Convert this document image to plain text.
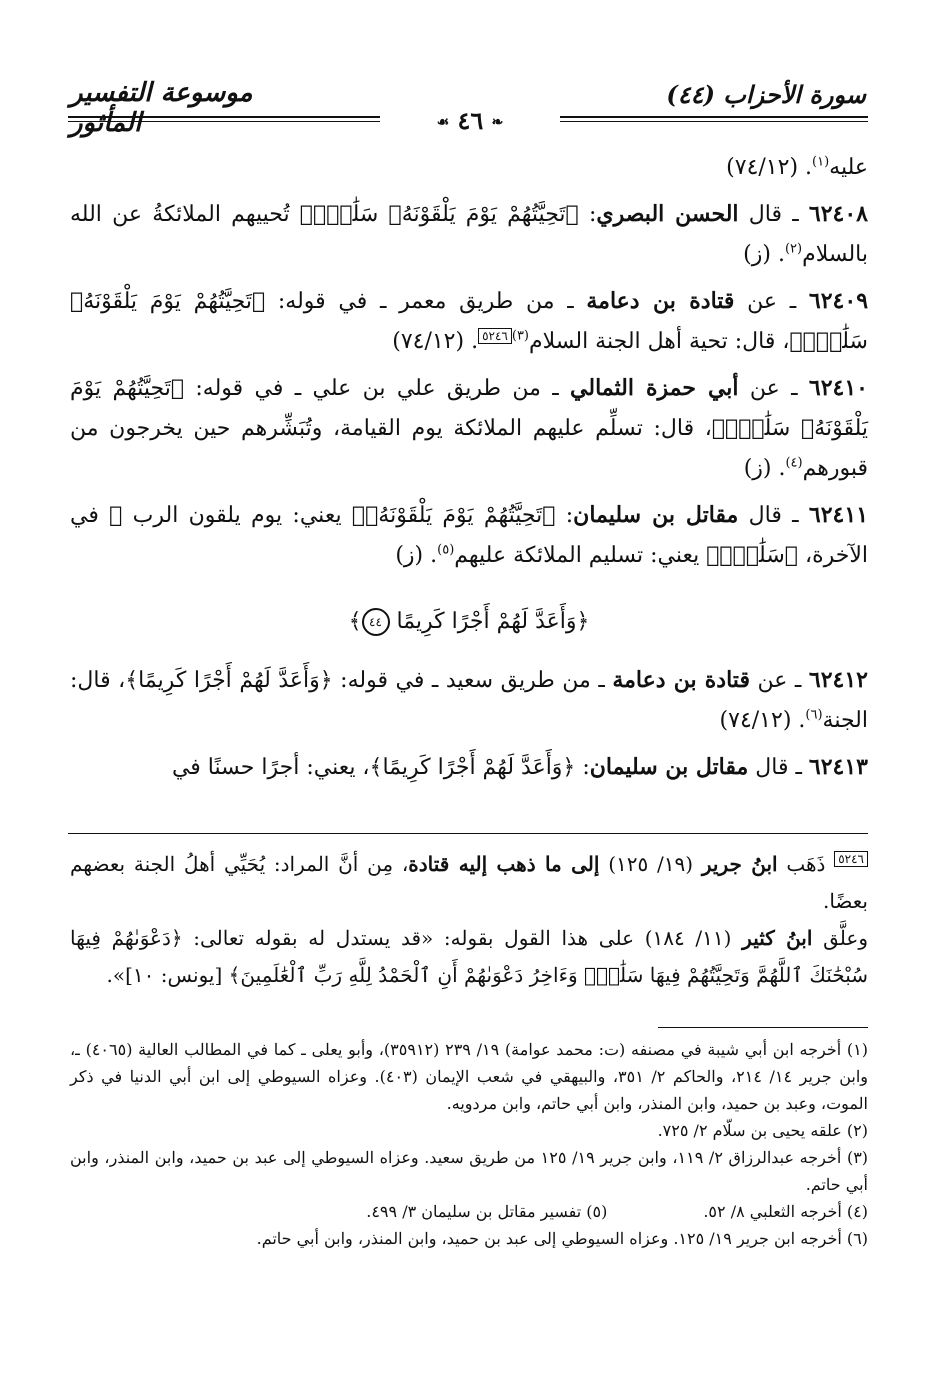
سورة الأحزاب (٤٤)
موسوعة التفسير المأثور	❧ ٤٦ ☙

عليه$^{(١)}$. (٧٤/١٢)

٦٢٤٠٨ ـ قال الحسن البصري: ﴿تَحِيَّتُهُمْ يَوْمَ يَلْقَوْنَهُۥ سَلَٰمٌۚ﴾ تُحييهم الملائكةُ عن الله بالسلام$^{(٢)}$. (ز)

٦٢٤٠٩ ـ عن قتادة بن دعامة ـ من طريق معمر ـ في قوله: ﴿تَحِيَّتُهُمْ يَوْمَ يَلْقَوْنَهُۥ سَلَٰمٌۚ﴾، قال: تحية أهل الجنة السلام$^{(٣)٥٢٤٦}$. (٧٤/١٢)

٦٢٤١٠ ـ عن أبي حمزة الثمالي ـ من طريق علي بن علي ـ في قوله: ﴿تَحِيَّتُهُمْ يَوْمَ يَلْقَوْنَهُۥ سَلَٰمٌۚ﴾، قال: تسلِّم عليهم الملائكة يوم القيامة، وتُبَشِّرهم حين يخرجون من قبورهم$^{(٤)}$. (ز)

٦٢٤١١ ـ قال مقاتل بن سليمان: ﴿تَحِيَّتُهُمْ يَوْمَ يَلْقَوْنَهُۥ﴾ يعني: يوم يلقون الرب ﷻ في الآخرة، ﴿سَلَٰمٌۚ﴾ يعني: تسليم الملائكة عليهم$^{(٥)}$. (ز)

﴿وَأَعَدَّ لَهُمْ أَجْرًا كَرِيمًا ٤٤﴾

٦٢٤١٢ ـ عن قتادة بن دعامة ـ من طريق سعيد ـ في قوله: ﴿وَأَعَدَّ لَهُمْ أَجْرًا كَرِيمًا﴾، قال: الجنة$^{(٦)}$. (٧٤/١٢)

٦٢٤١٣ ـ قال مقاتل بن سليمان: ﴿وَأَعَدَّ لَهُمْ أَجْرًا كَرِيمًا﴾، يعني: أجرًا حسنًا في

$^{٥٢٤٦}$ ذَهَب ابنُ جرير (١٩/ ١٢٥) إلى ما ذهب إليه قتادة، مِن أنَّ المراد: يُحَيِّي أهلُ الجنة بعضهم بعضًا.

وعلَّق ابنُ كثير (١١/ ١٨٤) على هذا القول بقوله: «قد يستدل له بقوله تعالى: ﴿دَعْوَىٰهُمْ فِيهَا سُبْحَٰنَكَ ٱللَّهُمَّ وَتَحِيَّتُهُمْ فِيهَا سَلَٰمٌۚ وَءَاخِرُ دَعْوَىٰهُمْ أَنِ ٱلْحَمْدُ لِلَّهِ رَبِّ ٱلْعَٰلَمِينَ﴾ [يونس: ١٠]».

(١) أخرجه ابن أبي شيبة في مصنفه (ت: محمد عوامة) ١٩/ ٢٣٩ (٣٥٩١٢)، وأبو يعلى ـ كما في المطالب العالية (٤٠٦٥) ـ، وابن جرير ١٤/ ٢١٤، والحاكم ٢/ ٣٥١، والبيهقي في شعب الإيمان (٤٠٣). وعزاه السيوطي إلى ابن أبي الدنيا في ذكر الموت، وعبد بن حميد، وابن المنذر، وابن أبي حاتم، وابن مردويه.

(٢) علقه يحيى بن سلّام ٢/ ٧٢٥.

(٣) أخرجه عبدالرزاق ٢/ ١١٩، وابن جرير ١٩/ ١٢٥ من طريق سعيد. وعزاه السيوطي إلى عبد بن حميد، وابن المنذر، وابن أبي حاتم.

(٤) أخرجه الثعلبي ٨/ ٥٢.

(٥) تفسير مقاتل بن سليمان ٣/ ٤٩٩.

(٦) أخرجه ابن جرير ١٩/ ١٢٥. وعزاه السيوطي إلى عبد بن حميد، وابن المنذر، وابن أبي حاتم.
